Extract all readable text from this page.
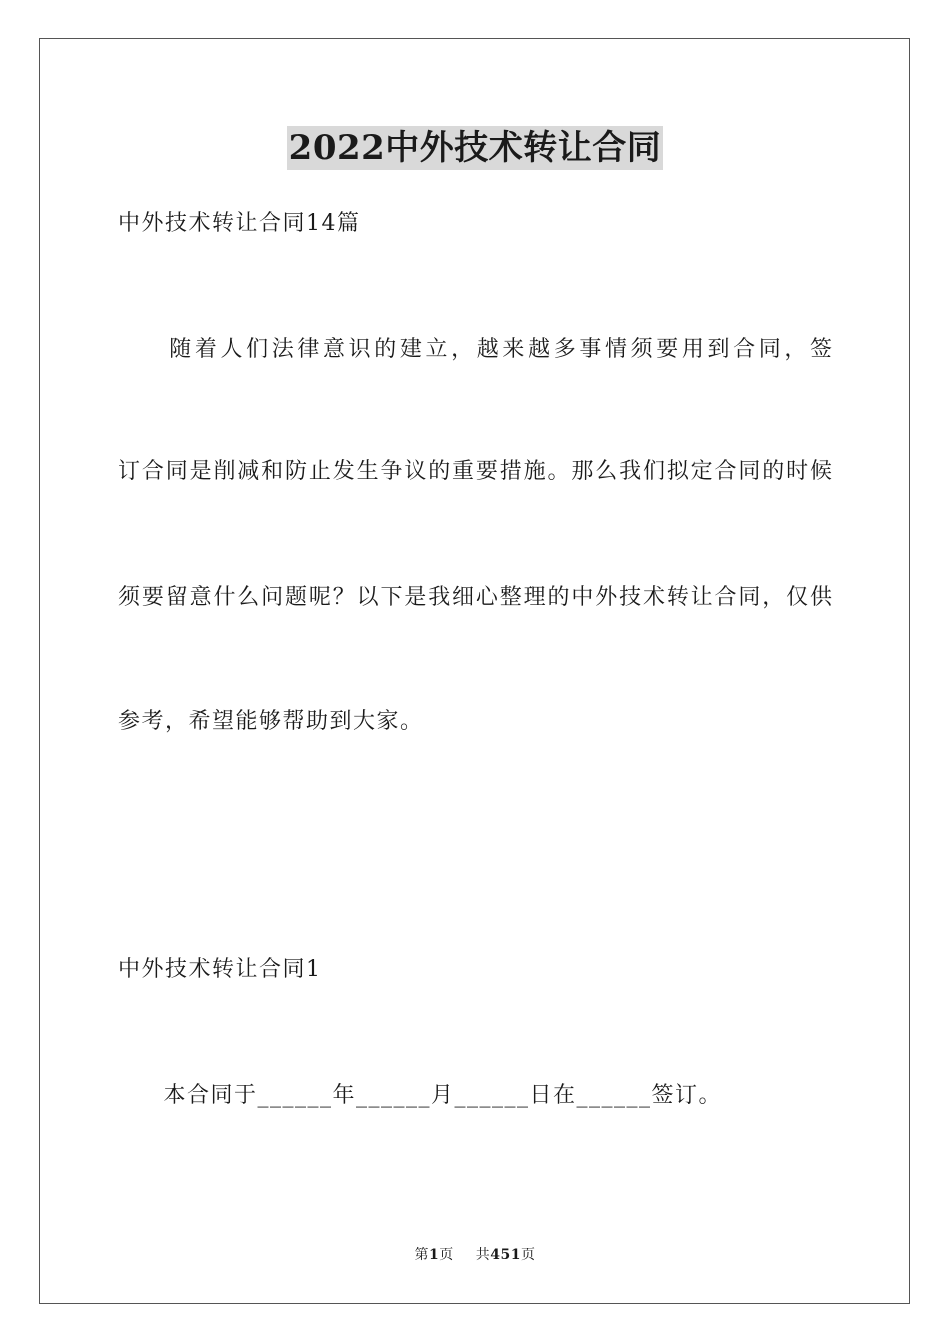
2022中外技术转让合同
中外技术转让合同14篇
　　随着人们法律意识的建立，越来越多事情须要用到合同，签
订合同是削减和防止发生争议的重要措施。那么我们拟定合同的时候
须要留意什么问题呢？以下是我细心整理的中外技术转让合同，仅供
参考，希望能够帮助到大家。
中外技术转让合同1
　本合同于______年______月______日在______签订。
第1页 共451页
